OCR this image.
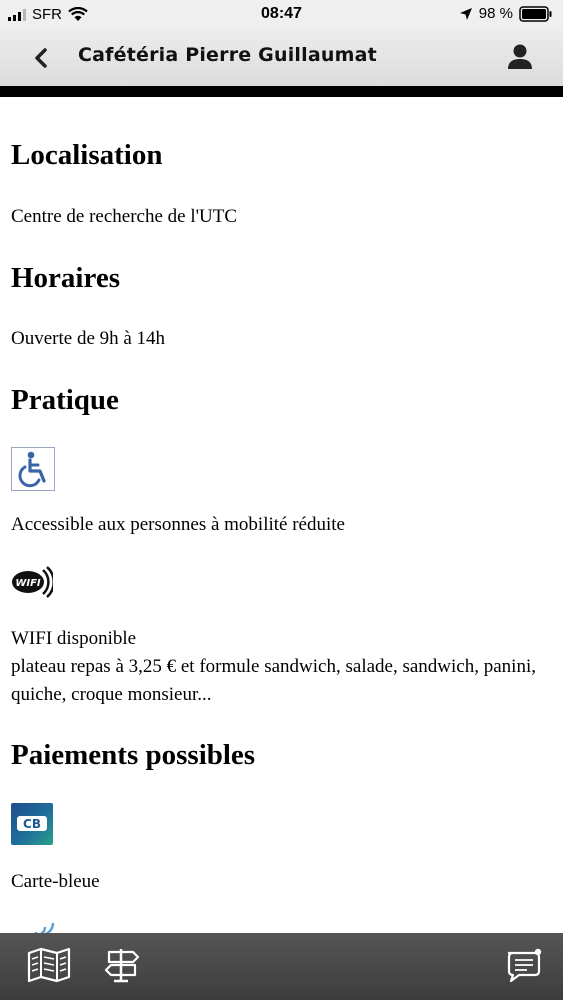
SFR	08:47	98 %
Cafétéria Pierre Guillaumat
Localisation
Centre de recherche de l'UTC
Horaires
Ouverte de 9h à 14h
Pratique
Accessible aux personnes à mobilité réduite
WIFI
WIFI disponible
plateau repas à 3,25 € et formule sandwich, salade, sandwich, panini, quiche, croque monsieur...
Paiements possibles
CB
Carte-bleue
